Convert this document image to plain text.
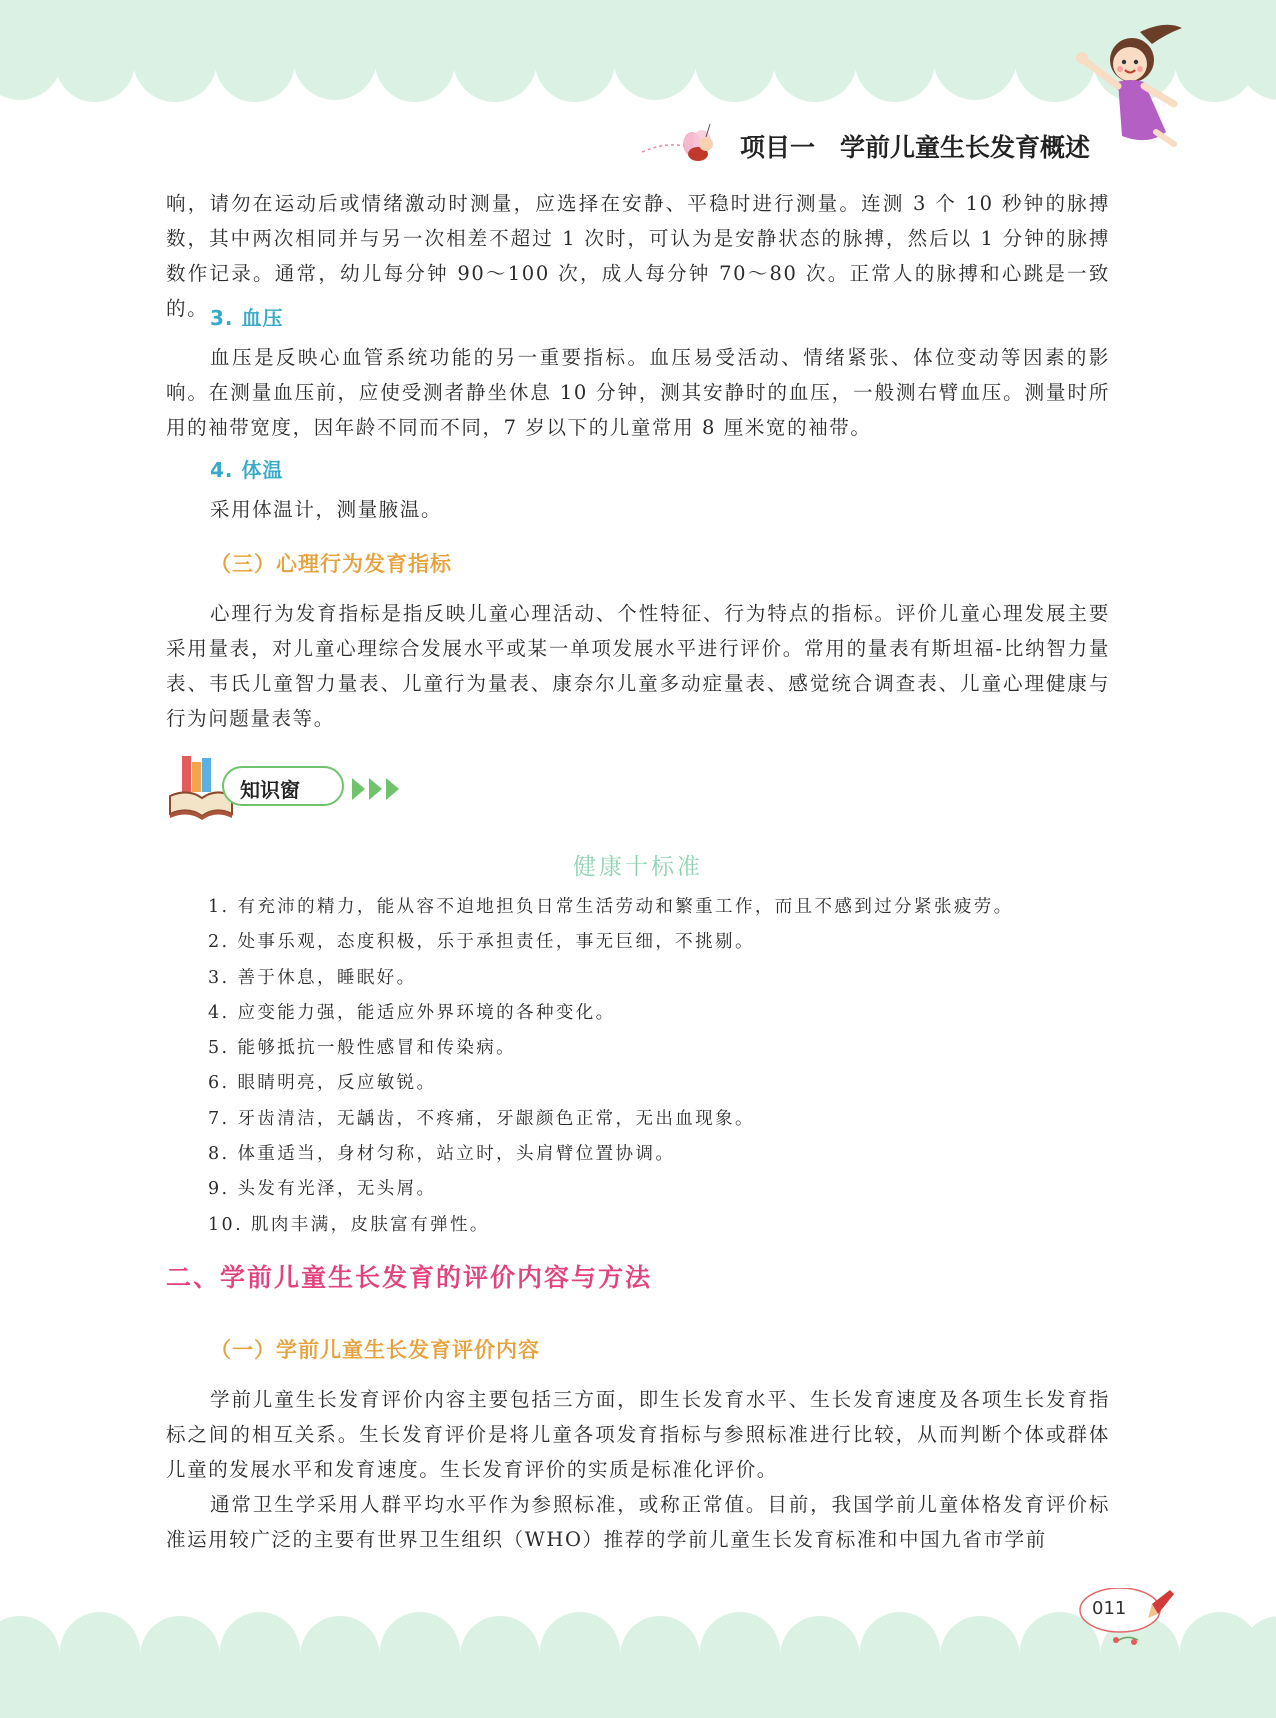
项目一　学前儿童生长发育概述

响，请勿在运动后或情绪激动时测量，应选择在安静、平稳时进行测量。连测 3 个 10 秒钟的脉搏数，其中两次相同并与另一次相差不超过 1 次时，可认为是安静状态的脉搏，然后以 1 分钟的脉搏数作记录。通常，幼儿每分钟 90～100 次，成人每分钟 70～80 次。正常人的脉搏和心跳是一致的。 3. 血压

血压是反映心血管系统功能的另一重要指标。血压易受活动、情绪紧张、体位变动等因素的影响。在测量血压前，应使受测者静坐休息 10 分钟，测其安静时的血压，一般测右臂血压。测量时所用的袖带宽度，因年龄不同而不同，7 岁以下的儿童常用 8 厘米宽的袖带。

4. 体温

采用体温计，测量腋温。

（三）心理行为发育指标

心理行为发育指标是指反映儿童心理活动、个性特征、行为特点的指标。评价儿童心理发展主要采用量表，对儿童心理综合发展水平或某一单项发展水平进行评价。常用的量表有斯坦福-比纳智力量表、韦氏儿童智力量表、儿童行为量表、康奈尔儿童多动症量表、感觉统合调查表、儿童心理健康与行为问题量表等。

知识窗
健康十标准
1. 有充沛的精力，能从容不迫地担负日常生活劳动和繁重工作，而且不感到过分紧张疲劳。
2. 处事乐观，态度积极，乐于承担责任，事无巨细，不挑剔。
3. 善于休息，睡眠好。
4. 应变能力强，能适应外界环境的各种变化。
5. 能够抵抗一般性感冒和传染病。
6. 眼睛明亮，反应敏锐。
7. 牙齿清洁，无龋齿，不疼痛，牙龈颜色正常，无出血现象。
8. 体重适当，身材匀称，站立时，头肩臂位置协调。
9. 头发有光泽，无头屑。
10. 肌肉丰满，皮肤富有弹性。
二、学前儿童生长发育的评价内容与方法
（一）学前儿童生长发育评价内容

学前儿童生长发育评价内容主要包括三方面，即生长发育水平、生长发育速度及各项生长发育指标之间的相互关系。生长发育评价是将儿童各项发育指标与参照标准进行比较，从而判断个体或群体儿童的发展水平和发育速度。生长发育评价的实质是标准化评价。

通常卫生学采用人群平均水平作为参照标准，或称正常值。目前，我国学前儿童体格发育评价标准运用较广泛的主要有世界卫生组织（WHO）推荐的学前儿童生长发育标准和中国九省市学前

011
